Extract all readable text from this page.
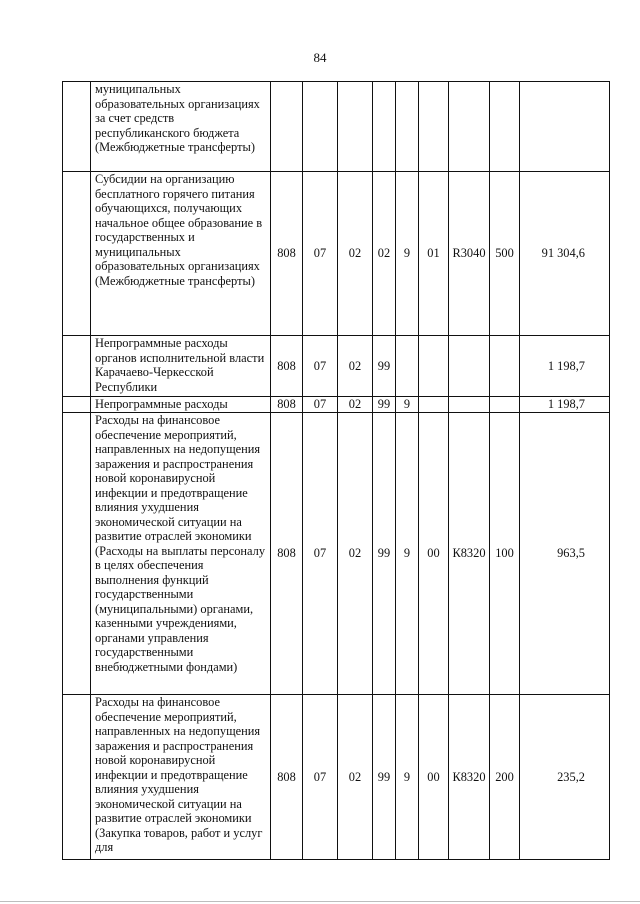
84
	муниципальных образовательных организациях за счет средств республиканского бюджета (Межбюджетные трансферты)									
	Субсидии на организацию бесплатного горячего питания обучающихся, получающих начальное общее образование в государственных и муниципальных образовательных организациях (Межбюджетные трансферты)	808	07	02	02	9	01	R3040	500	91 304,6
	Непрограммные расходы органов исполнительной власти Карачаево-Черкесской Республики	808	07	02	99					1 198,7
	Непрограммные расходы	808	07	02	99	9				1 198,7
	Расходы на финансовое обеспечение мероприятий, направленных на недопущения заражения и распространения новой коронавирусной инфекции и предотвращение влияния ухудшения экономической ситуации на развитие отраслей экономики (Расходы на выплаты персоналу в целях обеспечения выполнения функций государственными (муниципальными) органами, казенными учреждениями, органами управления государственными внебюджетными фондами)	808	07	02	99	9	00	К8320	100	963,5
	Расходы на финансовое обеспечение мероприятий, направленных на недопущения заражения и распространения новой коронавирусной инфекции и предотвращение влияния ухудшения экономической ситуации на развитие отраслей экономики (Закупка товаров, работ и услуг для	808	07	02	99	9	00	К8320	200	235,2
